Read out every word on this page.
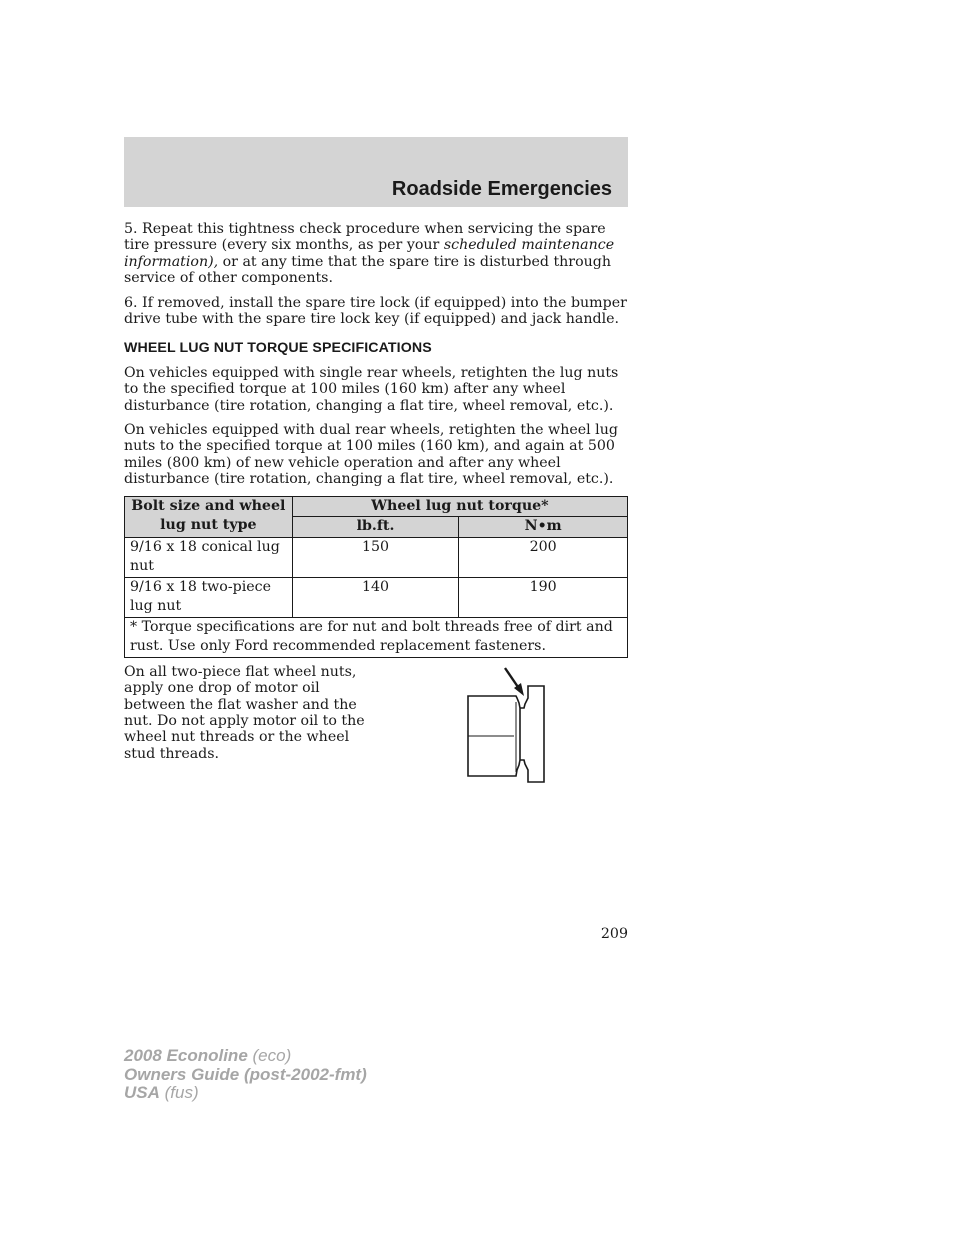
Roadside Emergencies

5. Repeat this tightness check procedure when servicing the spare tire pressure (every six months, as per your scheduled maintenance information), or at any time that the spare tire is disturbed through service of other components.

6. If removed, install the spare tire lock (if equipped) into the bumper drive tube with the spare tire lock key (if equipped) and jack handle.

WHEEL LUG NUT TORQUE SPECIFICATIONS

On vehicles equipped with single rear wheels, retighten the lug nuts to the specified torque at 100 miles (160 km) after any wheel disturbance (tire rotation, changing a flat tire, wheel removal, etc.).

On vehicles equipped with dual rear wheels, retighten the wheel lug nuts to the specified torque at 100 miles (160 km), and again at 500 miles (800 km) of new vehicle operation and after any wheel disturbance (tire rotation, changing a flat tire, wheel removal, etc.).

Bolt size and wheel lug nut type	Wheel lug nut torque*	
	lb.ft.	N•m
9/16 x 18 conical lug nut	150	200
9/16 x 18 two-piece lug nut	140	190
* Torque specifications are for nut and bolt threads free of dirt and rust. Use only Ford recommended replacement fasteners.		

On all two-piece flat wheel nuts, apply one drop of motor oil between the flat washer and the nut. Do not apply motor oil to the wheel nut threads or the wheel stud threads.

209
2008 Econoline (eco)
Owners Guide (post-2002-fmt)
USA (fus)
